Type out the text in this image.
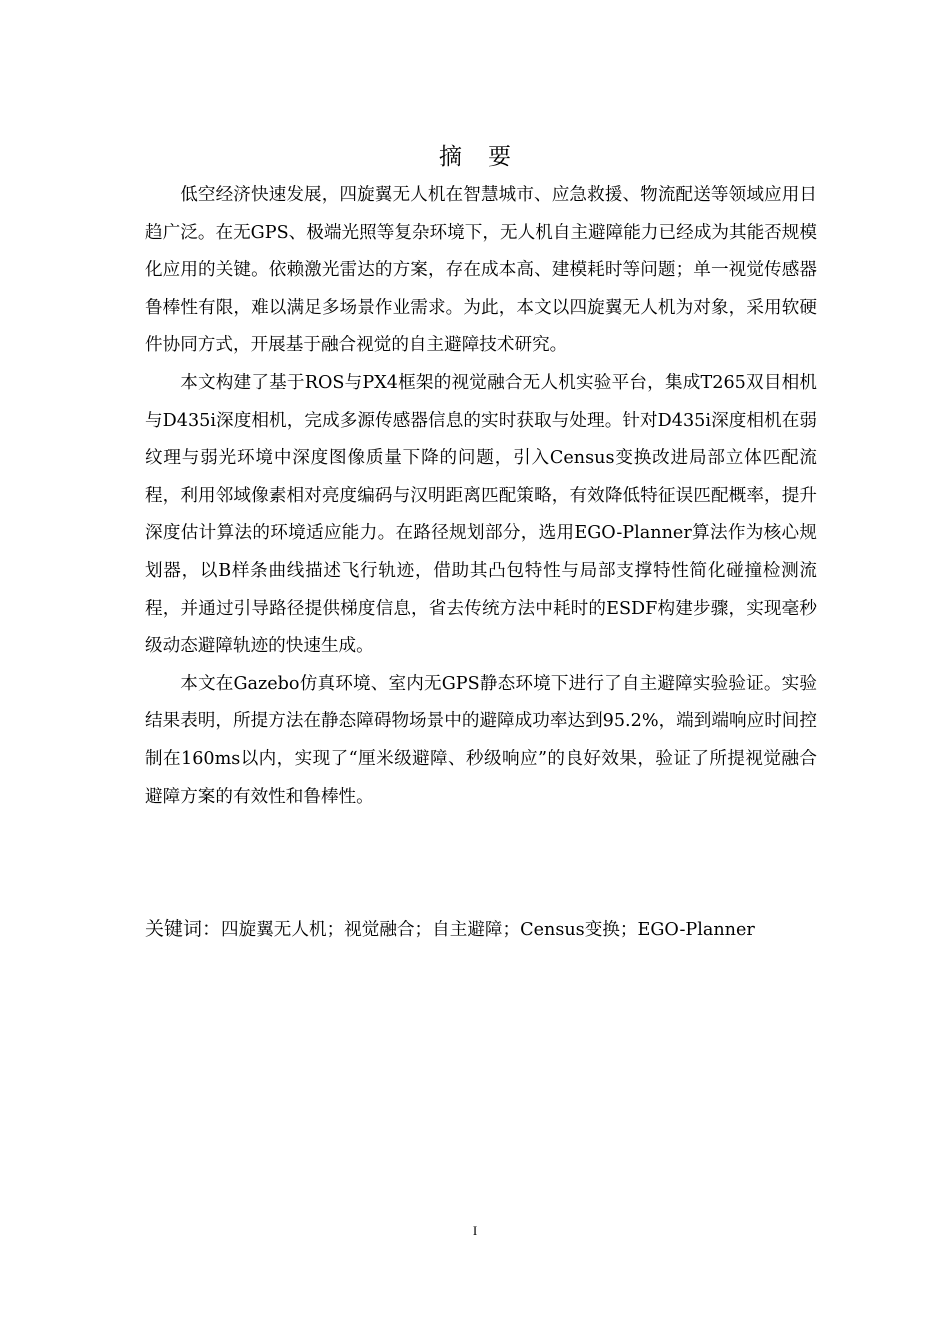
摘要

低空经济快速发展，四旋翼无人机在智慧城市、应急救援、物流配送等领域应用日趋广泛。在无GPS、极端光照等复杂环境下，无人机自主避障能力已经成为其能否规模化应用的关键。依赖激光雷达的方案，存在成本高、建模耗时等问题；单一视觉传感器鲁棒性有限，难以满足多场景作业需求。为此，本文以四旋翼无人机为对象，采用软硬件协同方式，开展基于融合视觉的自主避障技术研究。

本文构建了基于ROS与PX4框架的视觉融合无人机实验平台，集成T265双目相机与D435i深度相机，完成多源传感器信息的实时获取与处理。针对D435i深度相机在弱纹理与弱光环境中深度图像质量下降的问题，引入Census变换改进局部立体匹配流程，利用邻域像素相对亮度编码与汉明距离匹配策略，有效降低特征误匹配概率，提升深度估计算法的环境适应能力。在路径规划部分，选用EGO-Planner算法作为核心规划器，以B样条曲线描述飞行轨迹，借助其凸包特性与局部支撑特性简化碰撞检测流程，并通过引导路径提供梯度信息，省去传统方法中耗时的ESDF构建步骤，实现毫秒级动态避障轨迹的快速生成。

本文在Gazebo仿真环境、室内无GPS静态环境下进行了自主避障实验验证。实验结果表明，所提方法在静态障碍物场景中的避障成功率达到95.2%，端到端响应时间控制在160ms以内，实现了“厘米级避障、秒级响应”的良好效果，验证了所提视觉融合避障方案的有效性和鲁棒性。

关键词：四旋翼无人机；视觉融合；自主避障；Census变换；EGO-Planner
I
